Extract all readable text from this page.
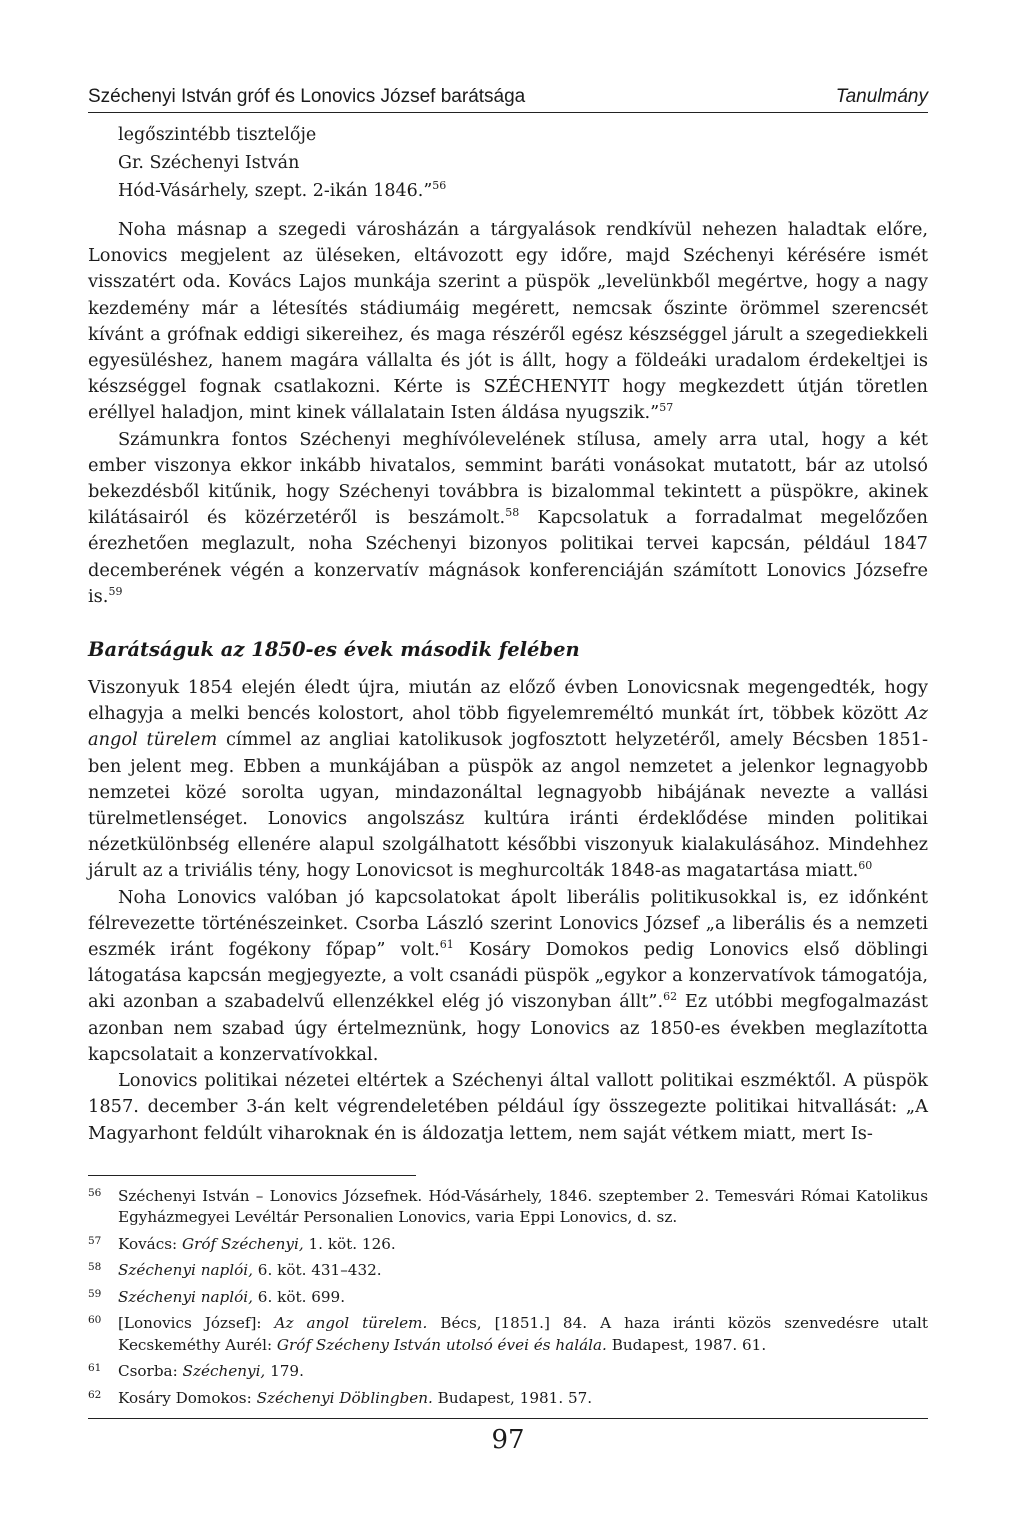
Széchenyi István gróf és Lonovics József barátsága	Tanulmány
legőszintébb tisztelője
Gr. Széchenyi István
Hód-Vásárhely, szept. 2-ikán 1846.”$^{56}$

Noha másnap a szegedi városházán a tárgyalások rendkívül nehezen haladtak előre, Lonovics megjelent az üléseken, eltávozott egy időre, majd Széchenyi kérésére ismét visszatért oda. Kovács Lajos munkája szerint a püspök „levelünkből megértve, hogy a nagy kezdemény már a létesítés stádiumáig megérett, nemcsak őszinte örömmel szerencsét kívánt a grófnak eddigi sikereihez, és maga részéről egész készséggel járult a szegediekkeli egyesüléshez, hanem magára vállalta és jót is állt, hogy a földeáki uradalom érdekeltjei is készséggel fognak csatlakozni. Kérte is SZÉCHENYIT hogy megkezdett útján töretlen eréllyel haladjon, mint kinek vállalatain Isten áldása nyugszik.”$^{57}$

Számunkra fontos Széchenyi meghívólevelének stílusa, amely arra utal, hogy a két ember viszonya ekkor inkább hivatalos, semmint baráti vonásokat mutatott, bár az utolsó bekezdésből kitűnik, hogy Széchenyi továbbra is bizalommal tekintett a püspökre, akinek kilátásairól és közérzetéről is beszámolt.$^{58}$ Kapcsolatuk a forradalmat megelőzően érezhetően meglazult, noha Széchenyi bizonyos politikai tervei kapcsán, például 1847 decemberének végén a konzervatív mágnások konferenciáján számított Lonovics Józsefre is.$^{59}$

Barátságuk az 1850-es évek második felében

Viszonyuk 1854 elején éledt újra, miután az előző évben Lonovicsnak megengedték, hogy elhagyja a melki bencés kolostort, ahol több figyelemreméltó munkát írt, többek között Az angol türelem címmel az angliai katolikusok jogfosztott helyzetéről, amely Bécsben 1851-ben jelent meg. Ebben a munkájában a püspök az angol nemzetet a jelenkor legnagyobb nemzetei közé sorolta ugyan, mindazonáltal legnagyobb hibájának nevezte a vallási türelmetlenséget. Lonovics angolszász kultúra iránti érdeklődése minden politikai nézetkülönbség ellenére alapul szolgálhatott későbbi viszonyuk kialakulásához. Mindehhez járult az a triviális tény, hogy Lonovicsot is meghurcolták 1848-as magatartása miatt.$^{60}$

Noha Lonovics valóban jó kapcsolatokat ápolt liberális politikusokkal is, ez időnként félrevezette történészeinket. Csorba László szerint Lonovics József „a liberális és a nemzeti eszmék iránt fogékony főpap” volt.$^{61}$ Kosáry Domokos pedig Lonovics első döblingi látogatása kapcsán megjegyezte, a volt csanádi püspök „egykor a konzervatívok támogatója, aki azonban a szabadelvű ellenzékkel elég jó viszonyban állt”.$^{62}$ Ez utóbbi megfogalmazást azonban nem szabad úgy értelmeznünk, hogy Lonovics az 1850-es években meglazította kapcsolatait a konzervatívokkal.

Lonovics politikai nézetei eltértek a Széchenyi által vallott politikai eszméktől. A püspök 1857. december 3-án kelt végrendeletében például így összegezte politikai hitvallását: „A Magyarhont feldúlt viharoknak én is áldozatja lettem, nem saját vétkem miatt, mert Is-

56	Széchenyi István – Lonovics Józsefnek. Hód-Vásárhely, 1846. szeptember 2. Temesvári Római Katolikus Egyházmegyei Levéltár Personalien Lonovics, varia Eppi Lonovics, d. sz.
57	Kovács: Gróf Széchenyi, 1. köt. 126.
58	Széchenyi naplói, 6. köt. 431–432.
59	Széchenyi naplói, 6. köt. 699.
60	[Lonovics József]: Az angol türelem. Bécs, [1851.] 84. A haza iránti közös szenvedésre utalt Kecskeméthy Aurél: Gróf Szécheny István utolsó évei és halála. Budapest, 1987. 61.
61	Csorba: Széchenyi, 179.
62	Kosáry Domokos: Széchenyi Döblingben. Budapest, 1981. 57.
97
